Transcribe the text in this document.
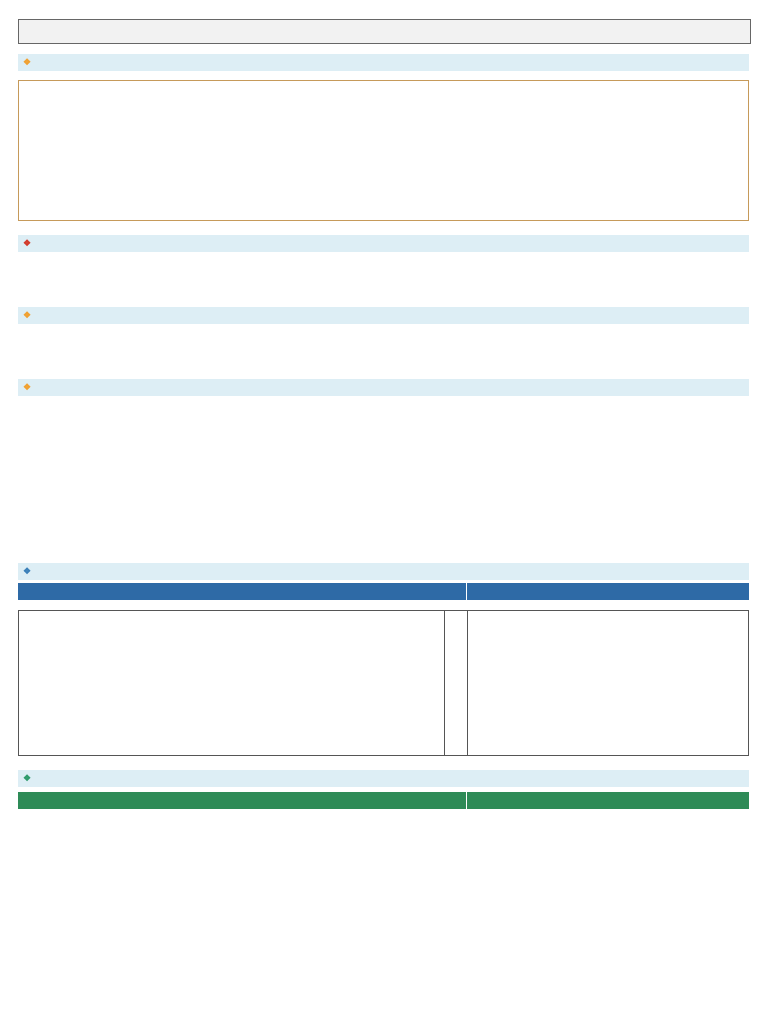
❖
❖
❖
❖
❖
❖
